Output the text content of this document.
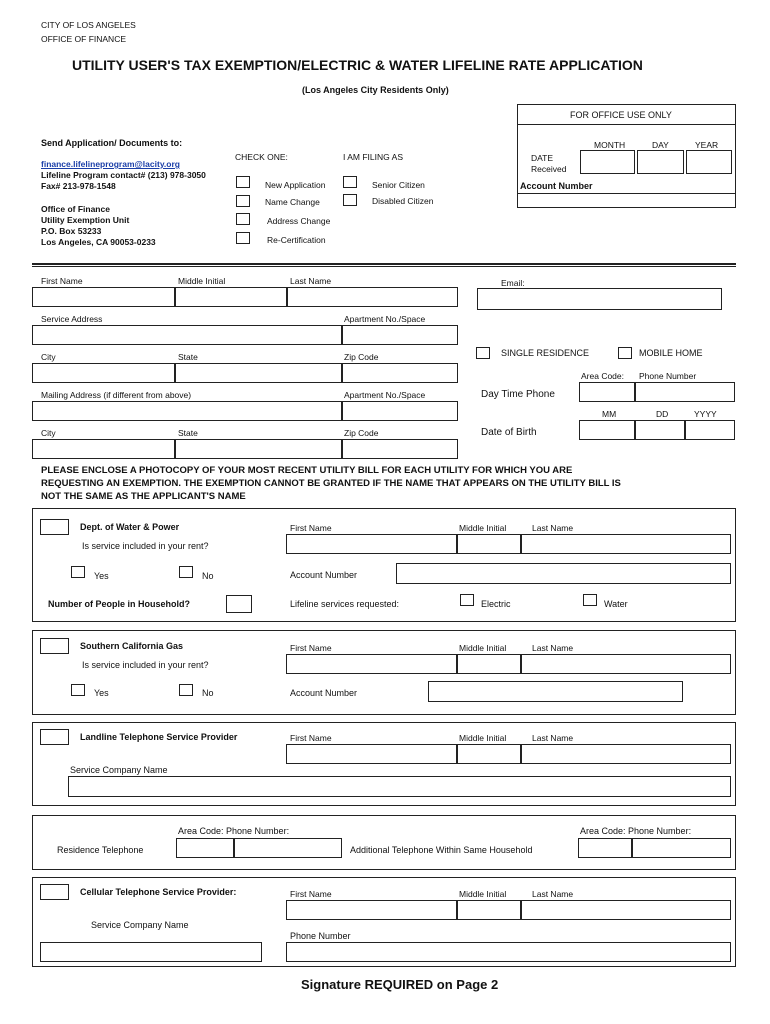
CITY OF LOS ANGELES
OFFICE OF FINANCE
UTILITY USER'S TAX EXEMPTION/ELECTRIC & WATER LIFELINE RATE APPLICATION
(Los Angeles City Residents Only)
FOR OFFICE USE ONLY
MONTH	DAY	YEAR
DATE
Received
Account Number
Send Application/ Documents to:
finance.lifelineprogram@lacity.org
Lifeline Program contact# (213) 978-3050
Fax# 213-978-1548
Office of Finance
Utility Exemption Unit
P.O. Box 53233
Los Angeles, CA 90053-0233
CHECK ONE:
New Application
Name Change
Address Change
Re-Certification
I AM FILING AS
Senior Citizen
Disabled Citizen
First Name	Middle Initial	Last Name	Email:
Service Address	Apartment No./Space
SINGLE RESIDENCE	MOBILE HOME
City	State	Zip Code
Area Code: Phone Number
Day Time Phone
Mailing Address (if different from above)	Apartment No./Space
MM	DD	YYYY
Date of Birth
City	State	Zip Code
PLEASE ENCLOSE A PHOTOCOPY OF YOUR MOST RECENT UTILITY BILL FOR EACH UTILITY FOR WHICH YOU ARE
REQUESTING AN EXEMPTION. THE EXEMPTION CANNOT BE GRANTED IF THE NAME THAT APPEARS ON THE UTILITY BILL IS
NOT THE SAME AS THE APPLICANT'S NAME
Dept. of Water & Power
Is service included in your rent?
Yes	No
Number of People in Household?
First Name	Middle Initial	Last Name
Account Number
Lifeline services requested:	Electric	Water
Southern California Gas
Is service included in your rent?
Yes	No
First Name	Middle Initial	Last Name
Account Number
Landline Telephone Service Provider	First Name	Middle Initial	Last Name
Service Company Name
Area Code: Phone Number:	Area Code: Phone Number:
Residence Telephone	Additional Telephone Within Same Household
Cellular Telephone Service Provider:	First Name	Middle Initial	Last Name
Service Company Name
Phone Number
Signature REQUIRED on Page 2
